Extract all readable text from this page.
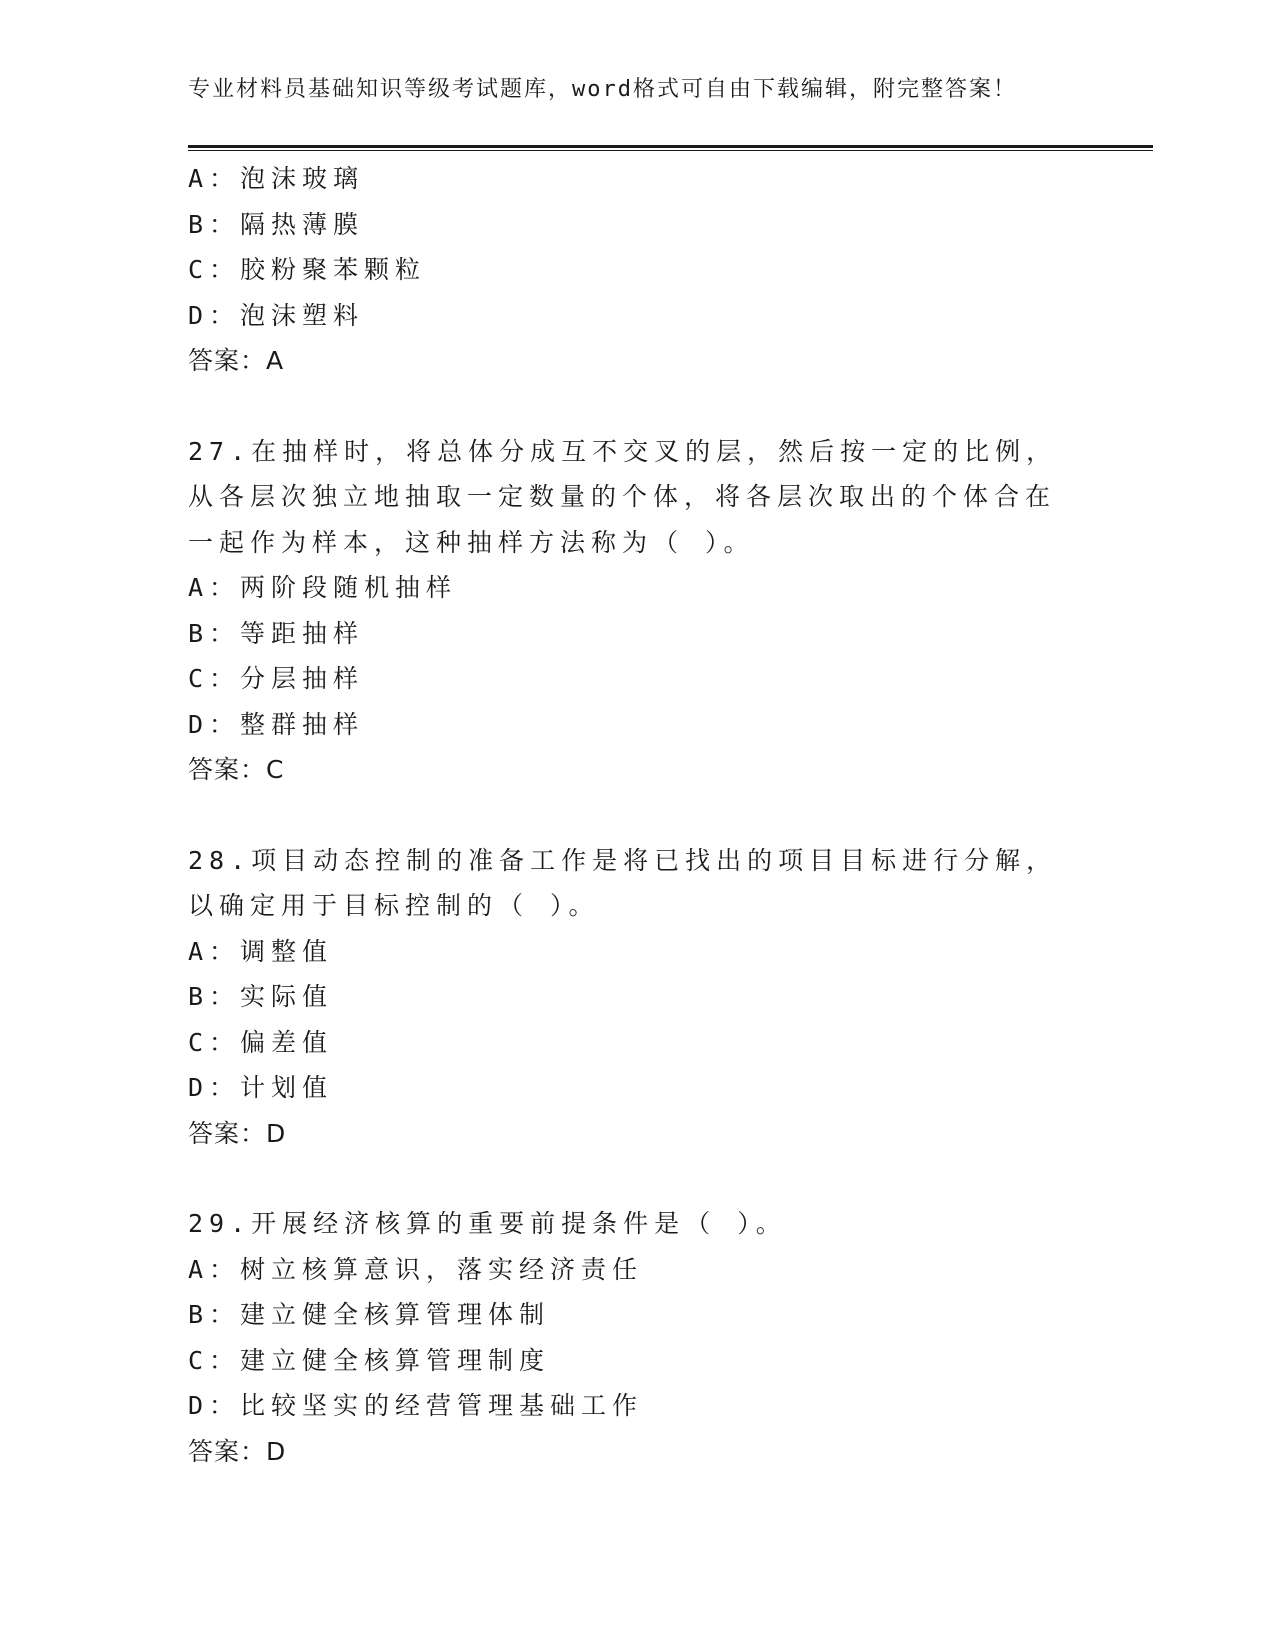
专业材料员基础知识等级考试题库，word格式可自由下载编辑，附完整答案！
A：泡沫玻璃
B：隔热薄膜
C：胶粉聚苯颗粒
D：泡沫塑料
答案：A
27.在抽样时，将总体分成互不交叉的层，然后按一定的比例，从各层次独立地抽取一定数量的个体，将各层次取出的个体合在一起作为样本，这种抽样方法称为（ ）。
A：两阶段随机抽样
B：等距抽样
C：分层抽样
D：整群抽样
答案：C
28.项目动态控制的准备工作是将已找出的项目目标进行分解，以确定用于目标控制的（ ）。
A：调整值
B：实际值
C：偏差值
D：计划值
答案：D
29.开展经济核算的重要前提条件是（ ）。
A：树立核算意识，落实经济责任
B：建立健全核算管理体制
C：建立健全核算管理制度
D：比较坚实的经营管理基础工作
答案：D
